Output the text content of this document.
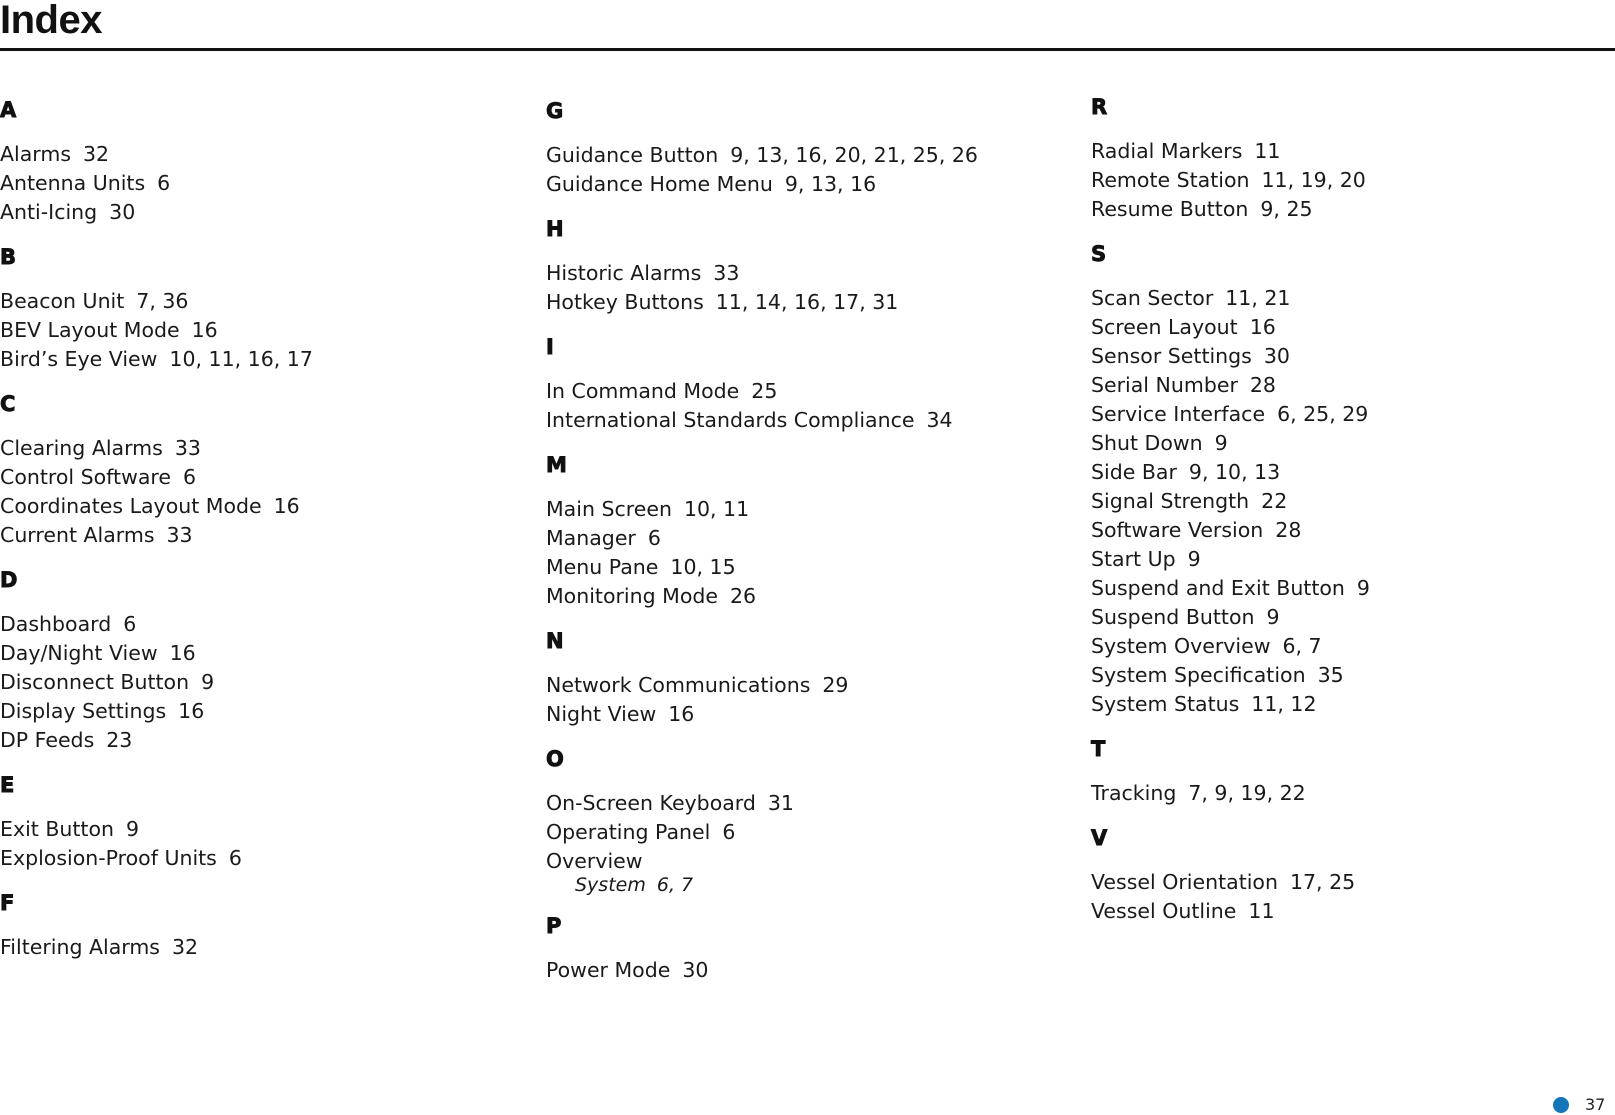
Index
A
Alarms 32
Antenna Units 6
Anti-Icing 30
B
Beacon Unit 7, 36
BEV Layout Mode 16
Bird’s Eye View 10, 11, 16, 17
C
Clearing Alarms 33
Control Software 6
Coordinates Layout Mode 16
Current Alarms 33
D
Dashboard 6
Day/Night View 16
Disconnect Button 9
Display Settings 16
DP Feeds 23
E
Exit Button 9
Explosion-Proof Units 6
F
Filtering Alarms 32
G
Guidance Button 9, 13, 16, 20, 21, 25, 26
Guidance Home Menu 9, 13, 16
H
Historic Alarms 33
Hotkey Buttons 11, 14, 16, 17, 31
I
In Command Mode 25
International Standards Compliance 34
M
Main Screen 10, 11
Manager 6
Menu Pane 10, 15
Monitoring Mode 26
N
Network Communications 29
Night View 16
O
On-Screen Keyboard 31
Operating Panel 6
Overview
System 6, 7
P
Power Mode 30
R
Radial Markers 11
Remote Station 11, 19, 20
Resume Button 9, 25
S
Scan Sector 11, 21
Screen Layout 16
Sensor Settings 30
Serial Number 28
Service Interface 6, 25, 29
Shut Down 9
Side Bar 9, 10, 13
Signal Strength 22
Software Version 28
Start Up 9
Suspend and Exit Button 9
Suspend Button 9
System Overview 6, 7
System Specification 35
System Status 11, 12
T
Tracking 7, 9, 19, 22
V
Vessel Orientation 17, 25
Vessel Outline 11
37
